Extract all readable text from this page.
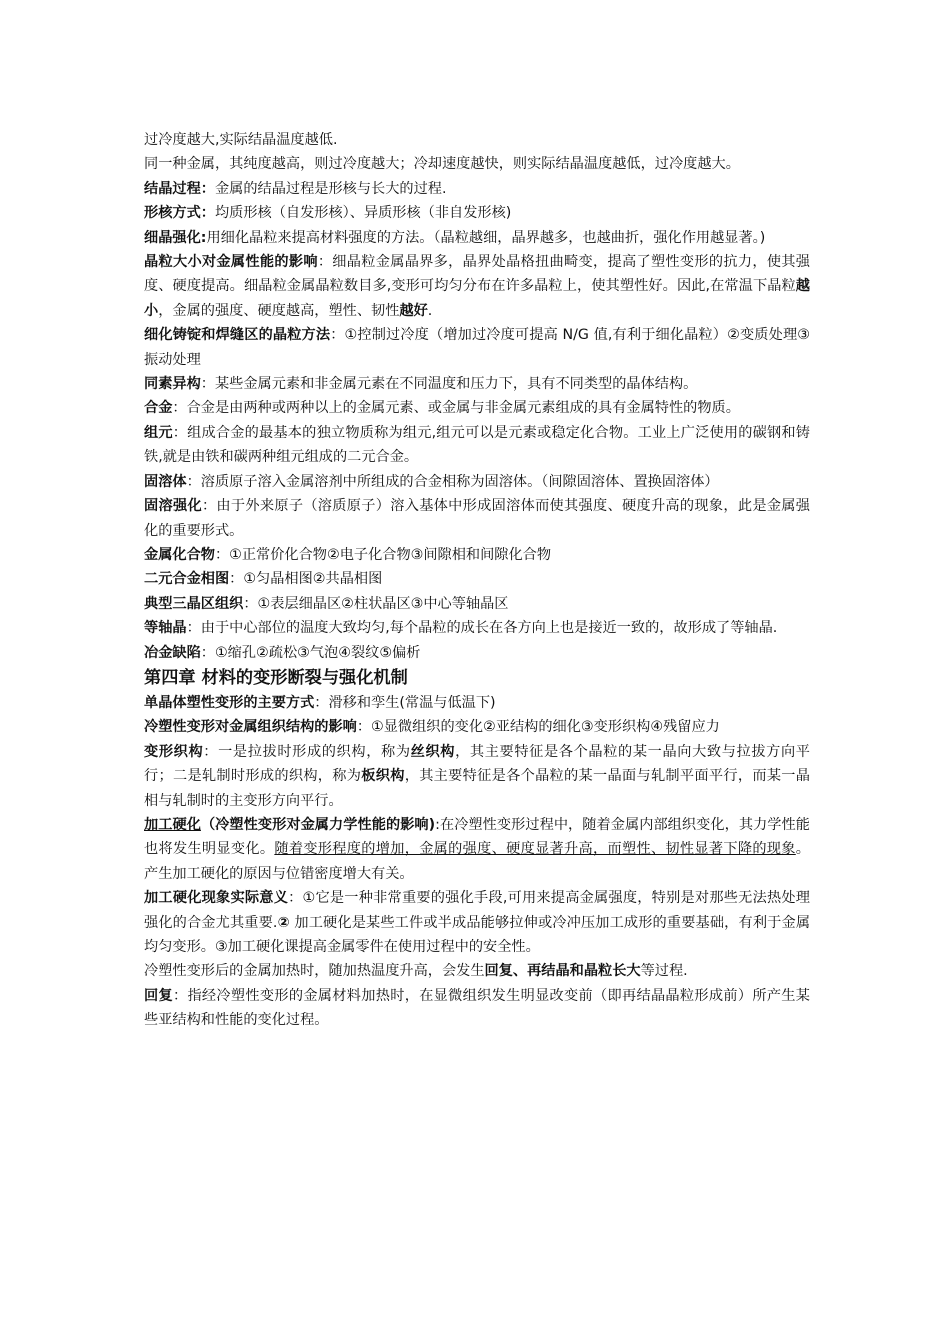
过冷度越大,实际结晶温度越低.
同一种金属，其纯度越高，则过冷度越大；冷却速度越快，则实际结晶温度越低，过冷度越大。
结晶过程：金属的结晶过程是形核与长大的过程.
形核方式：均质形核（自发形核）、异质形核（非自发形核)
细晶强化:用细化晶粒来提高材料强度的方法。（晶粒越细，晶界越多，也越曲折，强化作用越显著。)
晶粒大小对金属性能的影响：细晶粒金属晶界多，晶界处晶格扭曲畸变，提高了塑性变形的抗力，使其强度、硬度提高。细晶粒金属晶粒数目多,变形可均匀分布在许多晶粒上，使其塑性好。因此,在常温下晶粒越小，金属的强度、硬度越高，塑性、韧性越好.
细化铸锭和焊缝区的晶粒方法：①控制过冷度（增加过冷度可提高 N/G 值,有利于细化晶粒）②变质处理③振动处理
同素异构：某些金属元素和非金属元素在不同温度和压力下，具有不同类型的晶体结构。
合金：合金是由两种或两种以上的金属元素、或金属与非金属元素组成的具有金属特性的物质。
组元：组成合金的最基本的独立物质称为组元,组元可以是元素或稳定化合物。工业上广泛使用的碳钢和铸铁,就是由铁和碳两种组元组成的二元合金。
固溶体：溶质原子溶入金属溶剂中所组成的合金相称为固溶体。（间隙固溶体、置换固溶体）
固溶强化：由于外来原子（溶质原子）溶入基体中形成固溶体而使其强度、硬度升高的现象，此是金属强化的重要形式。
金属化合物：①正常价化合物②电子化合物③间隙相和间隙化合物
二元合金相图：①匀晶相图②共晶相图
典型三晶区组织：①表层细晶区②柱状晶区③中心等轴晶区
等轴晶：由于中心部位的温度大致均匀,每个晶粒的成长在各方向上也是接近一致的，故形成了等轴晶.
冶金缺陷：①缩孔②疏松③气泡④裂纹⑤偏析
第四章 材料的变形断裂与强化机制
单晶体塑性变形的主要方式：滑移和孪生(常温与低温下)
冷塑性变形对金属组织结构的影响：①显微组织的变化②亚结构的细化③变形织构④残留应力
变形织构：一是拉拔时形成的织构，称为丝织构，其主要特征是各个晶粒的某一晶向大致与拉拔方向平行；二是轧制时形成的织构，称为板织构，其主要特征是各个晶粒的某一晶面与轧制平面平行，而某一晶相与轧制时的主变形方向平行。
加工硬化（冷塑性变形对金属力学性能的影响):在冷塑性变形过程中，随着金属内部组织变化，其力学性能也将发生明显变化。随着变形程度的增加，金属的强度、硬度显著升高，而塑性、韧性显著下降的现象。产生加工硬化的原因与位错密度增大有关。
加工硬化现象实际意义：①它是一种非常重要的强化手段,可用来提高金属强度，特别是对那些无法热处理强化的合金尤其重要.② 加工硬化是某些工件或半成品能够拉伸或冷冲压加工成形的重要基础，有利于金属均匀变形。③加工硬化课提高金属零件在使用过程中的安全性。
冷塑性变形后的金属加热时，随加热温度升高，会发生回复、再结晶和晶粒长大等过程.
回复：指经冷塑性变形的金属材料加热时，在显微组织发生明显改变前（即再结晶晶粒形成前）所产生某些亚结构和性能的变化过程。
